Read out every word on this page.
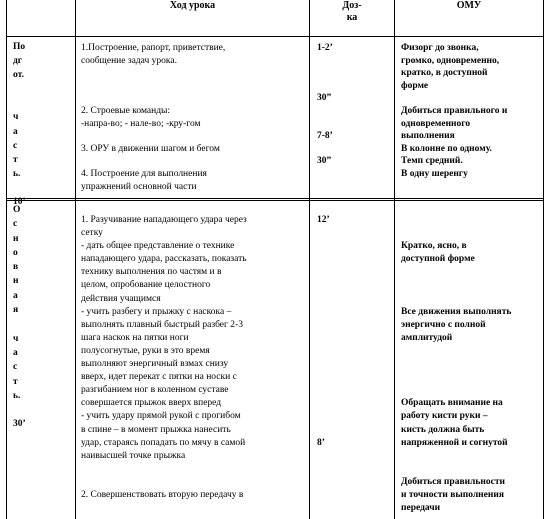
Ход урока	Доз-
ка
ОМУ
По
дг
от.

ч
а
с
т
ь.

10’
1.Построение, рапорт, приветствие,
сообщение задач урока.

2. Строевые команды:
-напра-во; - нале-во; -кру-гом

3. ОРУ в движении шагом и бегом

4. Построение для выполнения
упражнений основной части
1-2’

30”

7-8’

30”
Физорг до звонка,
громко, одновременно,
кратко, в доступной
форме

Добиться правильного и
одновременного
выполнения
В колонне по одному.
Темп средний.
В одну шеренгу
О
с
н
о
в
н
а
я

ч
а
с
т
ь.

30’
1. Разучивание нападающего удара через
сетку
- дать общее представление о технике
нападающего удара, рассказать, показать
технику выполнения по частям и в
целом, опробование целостного
действия учащимся
- учить разбегу и прыжку с наскока –
выполнять плавный быстрый разбег 2-3
шага наскок на пятки ноги
полусогнутые, руки в это время
выполняют энергичный взмах снизу
вверх, идет перекат с пятки на носки с
разгибанием ног в коленном суставе
совершается прыжок вверх вперед
- учить удару прямой рукой с прогибом
в спине – в момент прыжка нанесить
удар, стараясь попадать по мячу в самой
наивысшей точке прыжка

2. Совершенствовать вторую передачу в
12’

8’

Кратко, ясно, в
доступной форме

Все движения выполнять
энергично с полной
амплитудой

Обращать внимание на
работу кисти руки –
кисть должна быть
напряженной и согнутой

Добиться правильности
и точности выполнения
передачи
